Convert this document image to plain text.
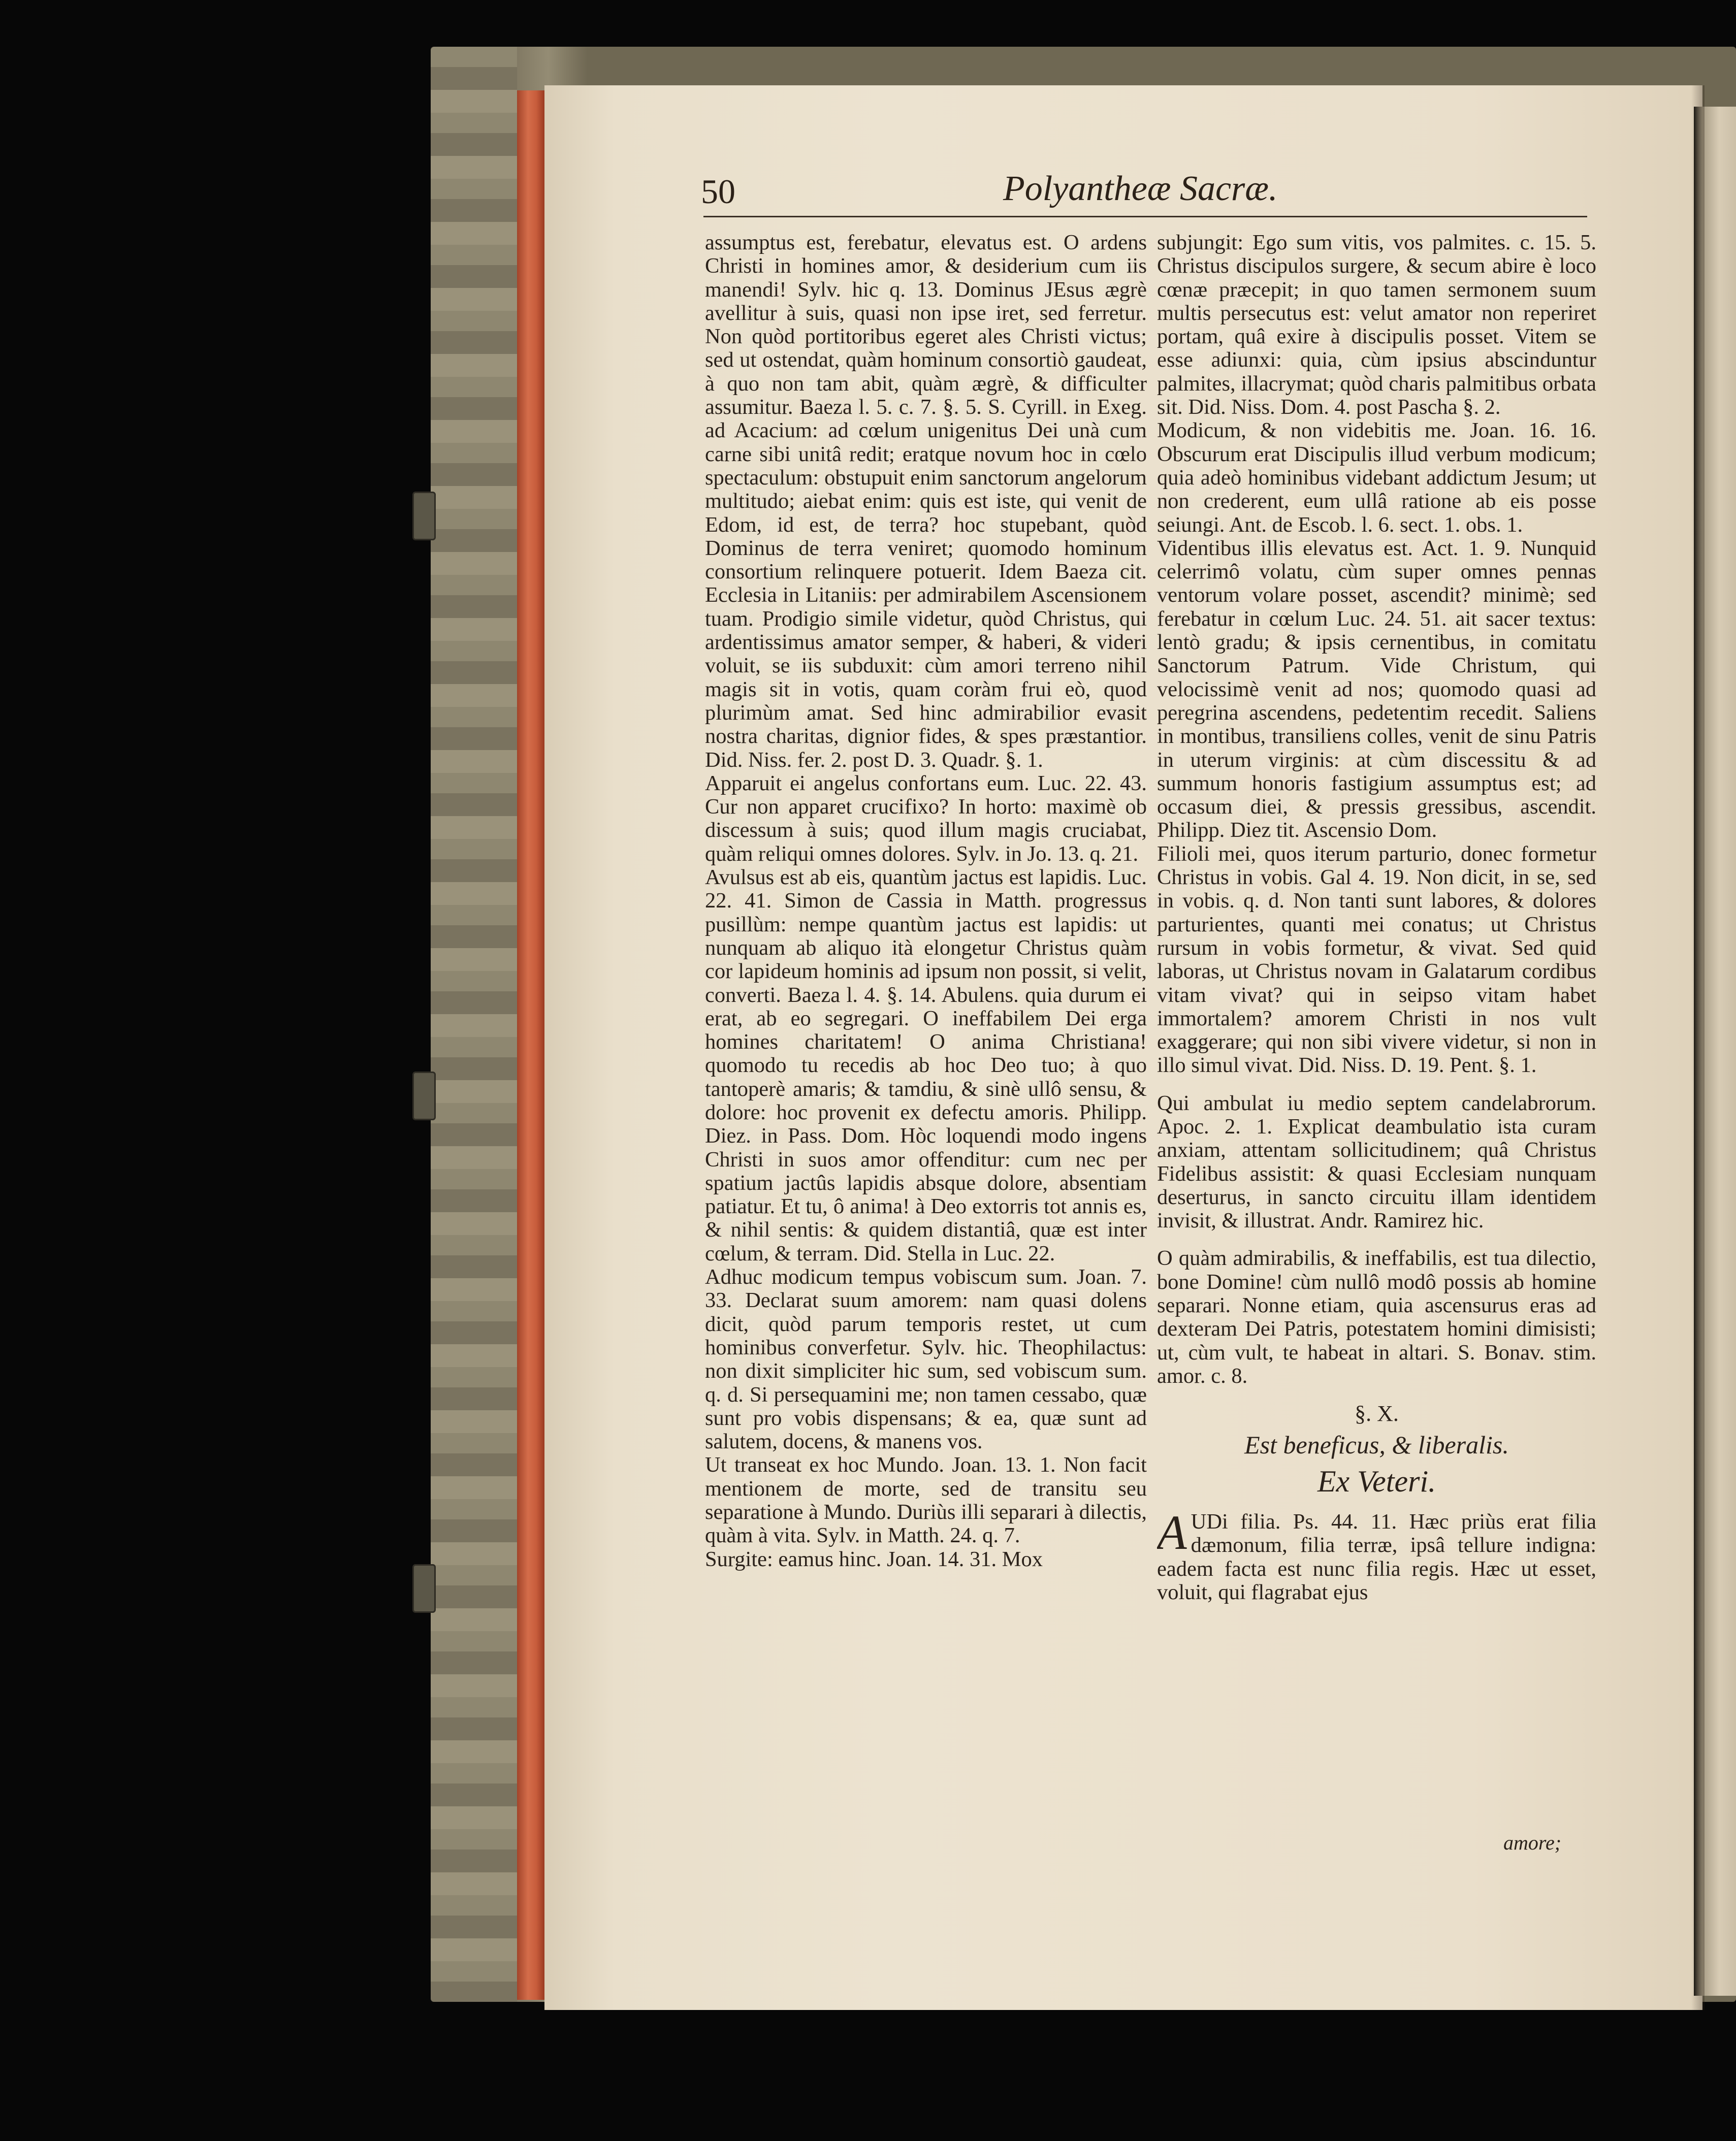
50	Polyantheæ Sacræ.

assumptus est, ferebatur, elevatus est. O ardens Christi in homines amor, & desiderium cum iis manendi! Sylv. hic q. 13. Dominus JEsus ægrè avellitur à suis, quasi non ipse iret, sed ferretur. Non quòd portitoribus egeret ales Christi victus; sed ut ostendat, quàm hominum consortiò gaudeat, à quo non tam abit, quàm ægrè, & difficulter assumitur. Baeza l. 5. c. 7. §. 5. S. Cyrill. in Exeg. ad Acacium: ad cœlum unigenitus Dei unà cum carne sibi unitâ redit; eratque novum hoc in cœlo spectaculum: obstupuit enim sanctorum angelorum multitudo; aiebat enim: quis est iste, qui venit de Edom, id est, de terra? hoc stupebant, quòd Dominus de terra veniret; quomodo hominum consortium relinquere potuerit. Idem Baeza cit. Ecclesia in Litaniis: per admirabilem Ascensionem tuam. Prodigio simile videtur, quòd Christus, qui ardentissimus amator semper, & haberi, & videri voluit, se iis subduxit: cùm amori terreno nihil magis sit in votis, quam coràm frui eò, quod plurimùm amat. Sed hinc admirabilior evasit nostra charitas, dignior fides, & spes præstantior. Did. Niss. fer. 2. post D. 3. Quadr. §. 1.

Apparuit ei angelus confortans eum. Luc. 22. 43. Cur non apparet crucifixo? In horto: maximè ob discessum à suis; quod illum magis cruciabat, quàm reliqui omnes dolores. Sylv. in Jo. 13. q. 21.

Avulsus est ab eis, quantùm jactus est lapidis. Luc. 22. 41. Simon de Cassia in Matth. progressus pusillùm: nempe quantùm jactus est lapidis: ut nunquam ab aliquo ità elongetur Christus quàm cor lapideum hominis ad ipsum non possit, si velit, converti. Baeza l. 4. §. 14. Abulens. quia durum ei erat, ab eo segregari. O ineffabilem Dei erga homines charitatem! O anima Christiana! quomodo tu recedis ab hoc Deo tuo; à quo tantoperè amaris; & tamdiu, & sinè ullô sensu, & dolore: hoc provenit ex defectu amoris. Philipp. Diez. in Pass. Dom. Hòc loquendi modo ingens Christi in suos amor offenditur: cum nec per spatium jactûs lapidis absque dolore, absentiam patiatur. Et tu, ô anima! à Deo extorris tot annis es, & nihil sentis: & quidem distantiâ, quæ est inter cœlum, & terram. Did. Stella in Luc. 22.

Adhuc modicum tempus vobiscum sum. Joan. 7. 33. Declarat suum amorem: nam quasi dolens dicit, quòd parum temporis restet, ut cum hominibus converfetur. Sylv. hic. Theophilactus: non dixit simpliciter hic sum, sed vobiscum sum. q. d. Si persequamini me; non tamen cessabo, quæ sunt pro vobis dispensans; & ea, quæ sunt ad salutem, docens, & manens vos.

Ut transeat ex hoc Mundo. Joan. 13. 1. Non facit mentionem de morte, sed de transitu seu separatione à Mundo. Duriùs illi separari à dilectis, quàm à vita. Sylv. in Matth. 24. q. 7.

Surgite: eamus hinc. Joan. 14. 31. Mox

subjungit: Ego sum vitis, vos palmites. c. 15. 5. Christus discipulos surgere, & secum abire è loco cœnæ præcepit; in quo tamen sermonem suum multis persecutus est: velut amator non reperiret portam, quâ exire à discipulis posset. Vitem se esse adiunxi: quia, cùm ipsius abscinduntur palmites, illacrymat; quòd charis palmitibus orbata sit. Did. Niss. Dom. 4. post Pascha §. 2.

Modicum, & non videbitis me. Joan. 16. 16. Obscurum erat Discipulis illud verbum modicum; quia adeò hominibus videbant addictum Jesum; ut non crederent, eum ullâ ratione ab eis posse seiungi. Ant. de Escob. l. 6. sect. 1. obs. 1.

Videntibus illis elevatus est. Act. 1. 9. Nunquid celerrimô volatu, cùm super omnes pennas ventorum volare posset, ascendit? minimè; sed ferebatur in cœlum Luc. 24. 51. ait sacer textus: lentò gradu; & ipsis cernentibus, in comitatu Sanctorum Patrum. Vide Christum, qui velocissimè venit ad nos; quomodo quasi ad peregrina ascendens, pedetentim recedit. Saliens in montibus, transiliens colles, venit de sinu Patris in uterum virginis: at cùm discessitu & ad summum honoris fastigium assumptus est; ad occasum diei, & pressis gressibus, ascendit. Philipp. Diez tit. Ascensio Dom.

Filioli mei, quos iterum parturio, donec formetur Christus in vobis. Gal 4. 19. Non dicit, in se, sed in vobis. q. d. Non tanti sunt labores, & dolores parturientes, quanti mei conatus; ut Christus rursum in vobis formetur, & vivat. Sed quid laboras, ut Christus novam in Galatarum cordibus vitam vivat? qui in seipso vitam habet immortalem? amorem Christi in nos vult exaggerare; qui non sibi vivere videtur, si non in illo simul vivat. Did. Niss. D. 19. Pent. §. 1.

Qui ambulat iu medio septem candelabrorum. Apoc. 2. 1. Explicat deambulatio ista curam anxiam, attentam sollicitudinem; quâ Christus Fidelibus assistit: & quasi Ecclesiam nunquam deserturus, in sancto circuitu illam identidem invisit, & illustrat. Andr. Ramirez hic.

O quàm admirabilis, & ineffabilis, est tua dilectio, bone Domine! cùm nullô modô possis ab homine separari. Nonne etiam, quia ascensurus eras ad dexteram Dei Patris, potestatem homini dimisisti; ut, cùm vult, te habeat in altari. S. Bonav. stim. amor. c. 8.

§. X.
Est beneficus, & liberalis.
Ex Veteri.

A UDi filia. Ps. 44. 11. Hæc priùs erat filia dæmonum, filia terræ, ipsâ tellure indigna: eadem facta est nunc filia regis. Hæc ut esset, voluit, qui flagrabat ejus

amore;
